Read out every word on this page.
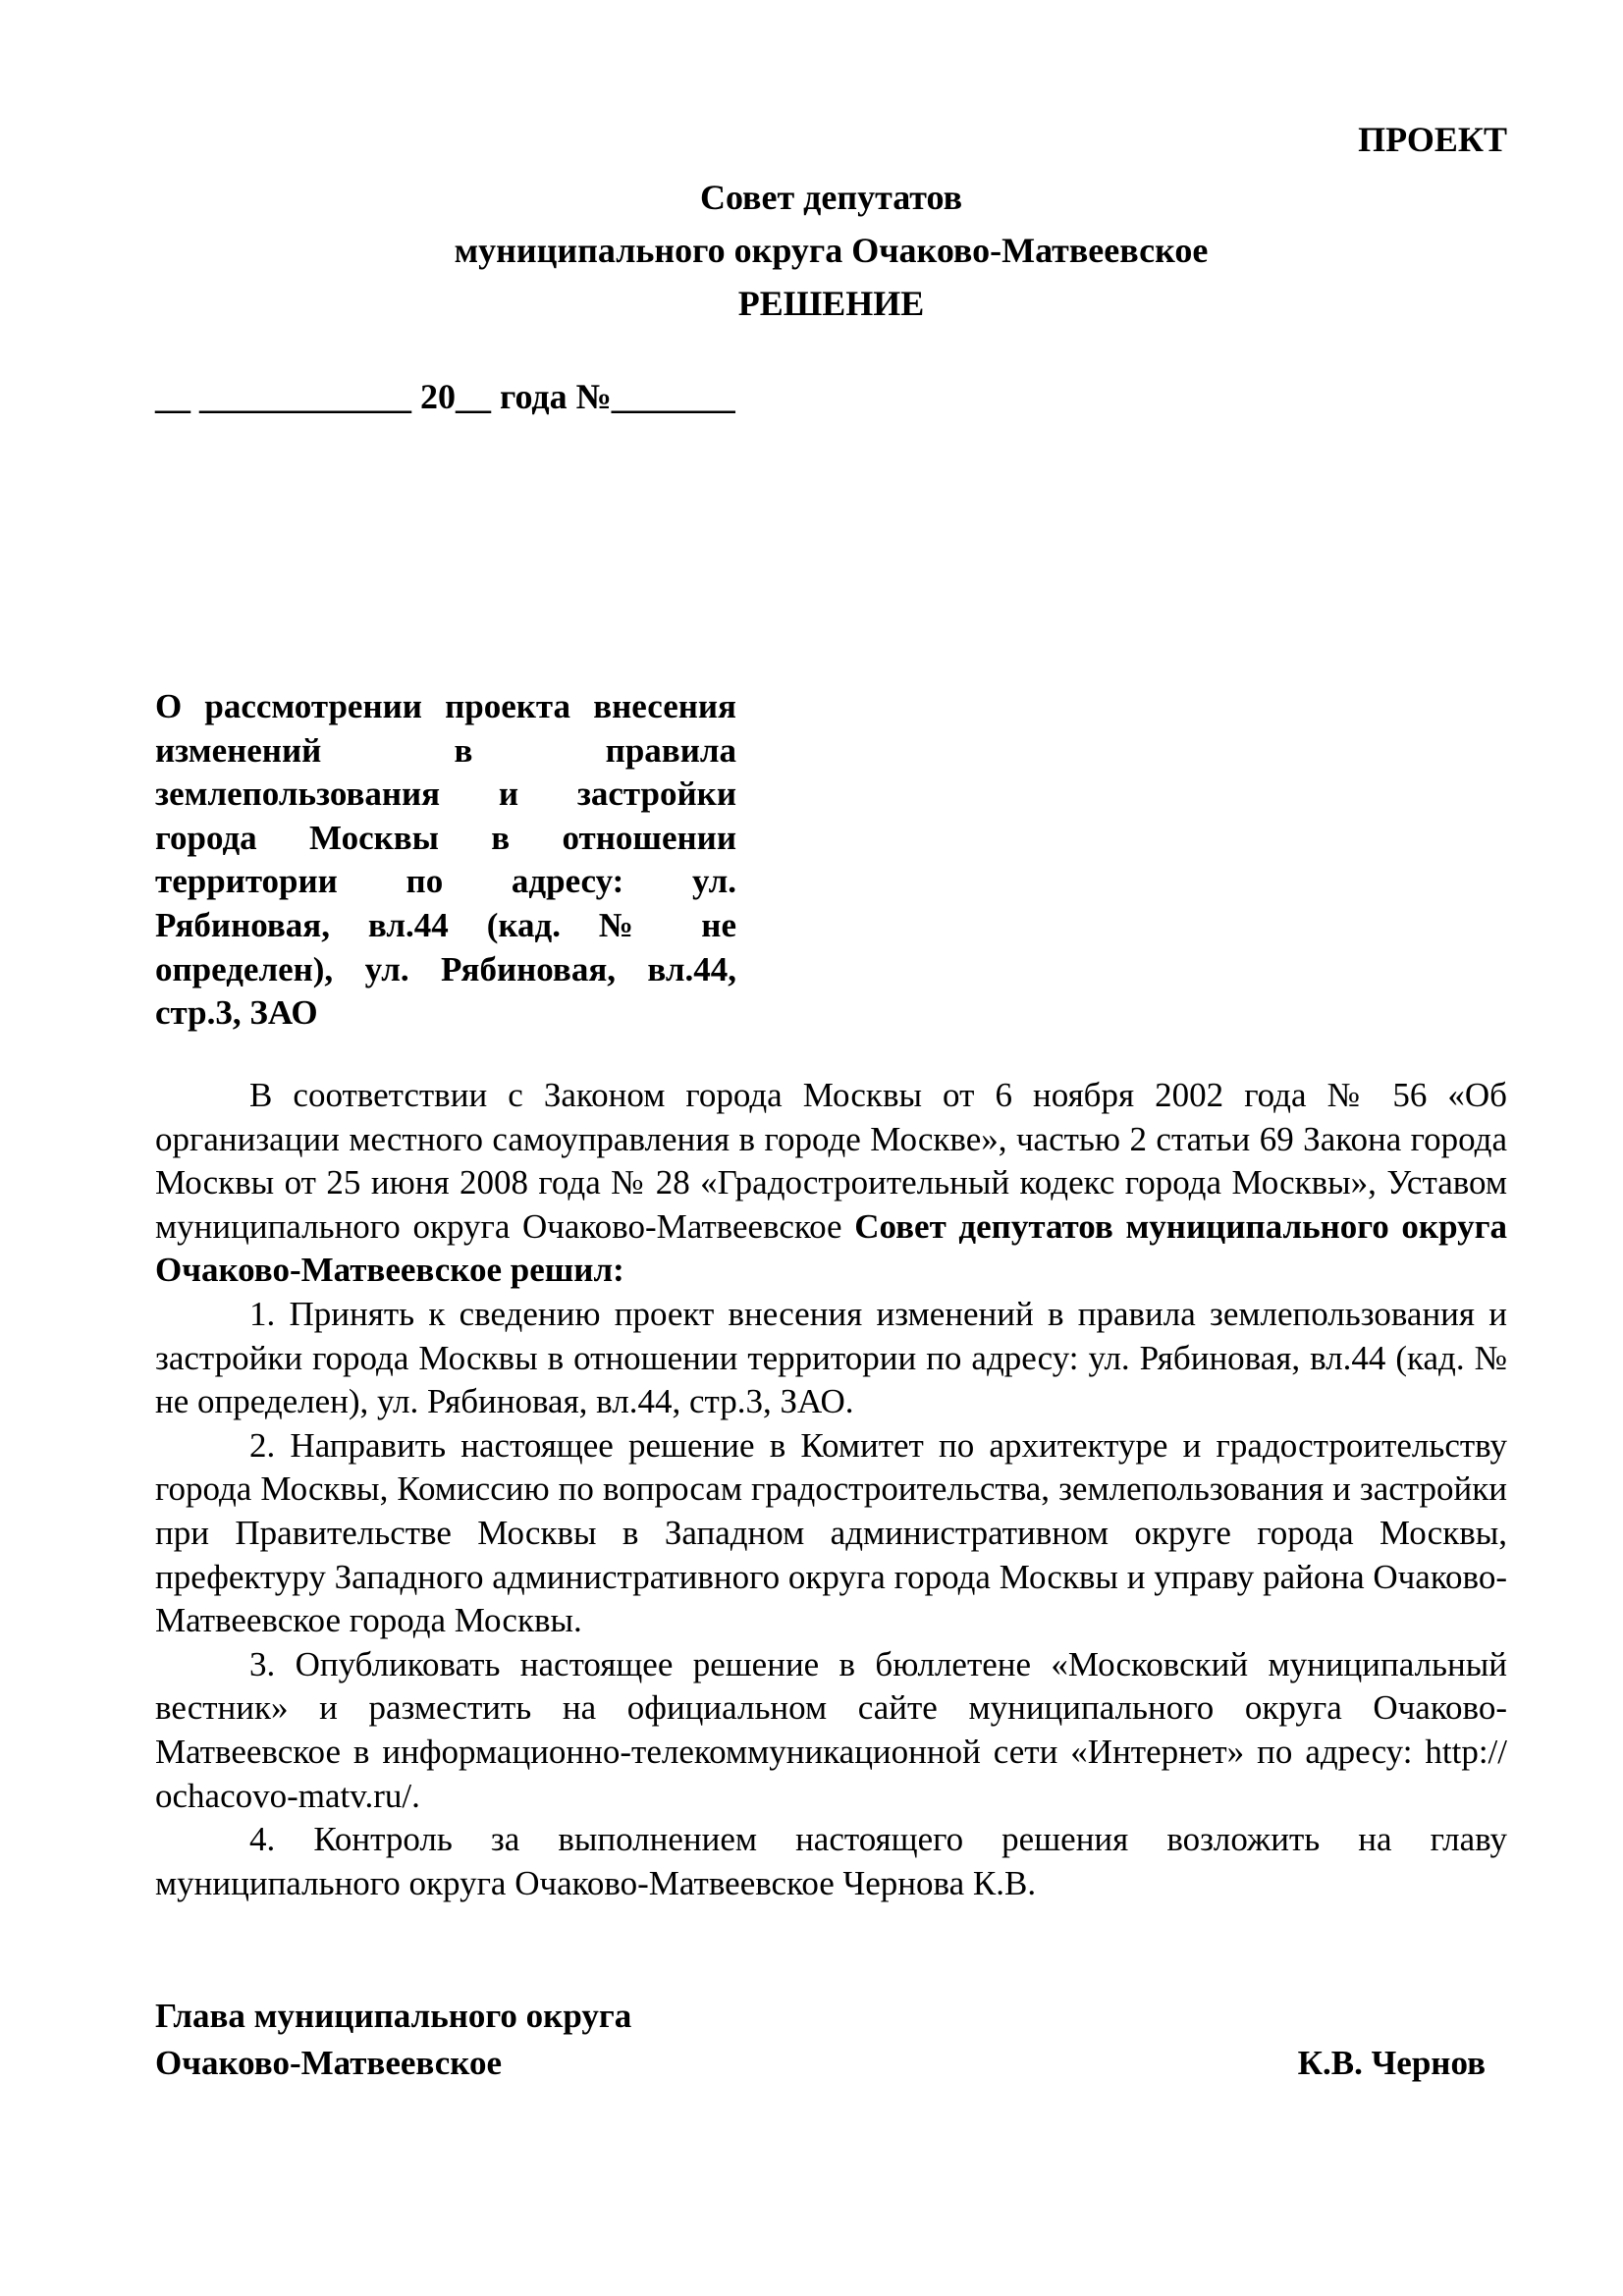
ПРОЕКТ
Совет депутатов
муниципального округа Очаково-Матвеевское
РЕШЕНИЕ
__ ____________ 20__ года №_______
О рассмотрении проекта внесения изменений в правила землепользования и застройки города Москвы в отношении территории по адресу: ул. Рябиновая, вл.44 (кад. № не определен), ул. Рябиновая, вл.44, стр.3, ЗАО

В соответствии с Законом города Москвы от 6 ноября 2002 года № 56 «Об организации местного самоуправления в городе Москве», частью 2 статьи 69 Закона города Москвы от 25 июня 2008 года № 28 «Градостроительный кодекс города Москвы», Уставом муниципального округа Очаково-Матвеевское Совет депутатов муниципального округа Очаково-Матвеевское решил:

1. Принять к сведению проект внесения изменений в правила землепользования и застройки города Москвы в отношении территории по адресу: ул. Рябиновая, вл.44 (кад. № не определен), ул. Рябиновая, вл.44, стр.3, ЗАО.

2. Направить настоящее решение в Комитет по архитектуре и градостроительству города Москвы, Комиссию по вопросам градостроительства, землепользования и застройки при Правительстве Москвы в Западном административном округе города Москвы, префектуру Западного административного округа города Москвы и управу района Очаково-Матвеевское города Москвы.

3. Опубликовать настоящее решение в бюллетене «Московский муниципальный вестник» и разместить на официальном сайте муниципального округа Очаково-Матвеевское в информационно-телекоммуникационной сети «Интернет» по адресу: http:// ochacovo-matv.ru/.

4. Контроль за выполнением настоящего решения возложить на главу муниципального округа Очаково-Матвеевское Чернова К.В.

Глава муниципального округа
Очаково-Матвеевское	К.В. Чернов
